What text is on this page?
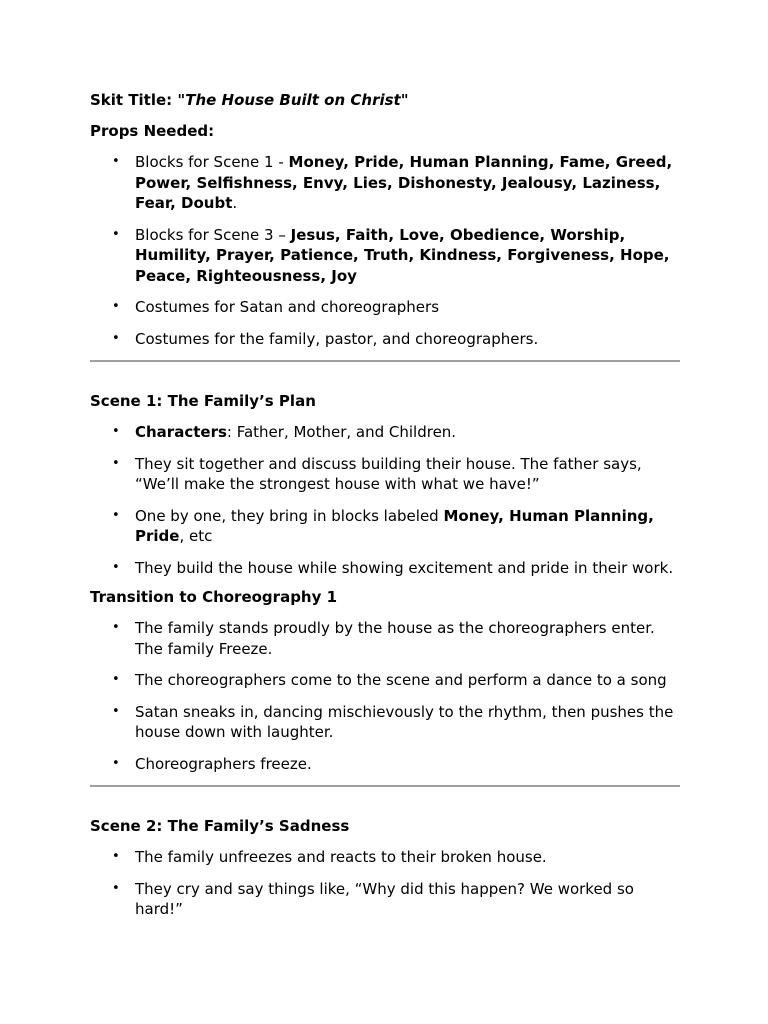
Skit Title: "The House Built on Christ"

Props Needed:

• Blocks for Scene 1 - Money, Pride, Human Planning, Fame, Greed, Power, Selfishness, Envy, Lies, Dishonesty, Jealousy, Laziness, Fear, Doubt.
• Blocks for Scene 3 – Jesus, Faith, Love, Obedience, Worship, Humility, Prayer, Patience, Truth, Kindness, Forgiveness, Hope, Peace, Righteousness, Joy
• Costumes for Satan and choreographers
• Costumes for the family, pastor, and choreographers.

Scene 1: The Family’s Plan

• Characters: Father, Mother, and Children.
• They sit together and discuss building their house. The father says, “We’ll make the strongest house with what we have!”
• One by one, they bring in blocks labeled Money, Human Planning, Pride, etc
• They build the house while showing excitement and pride in their work.

Transition to Choreography 1

• The family stands proudly by the house as the choreographers enter. The family Freeze.
• The choreographers come to the scene and perform a dance to a song
• Satan sneaks in, dancing mischievously to the rhythm, then pushes the house down with laughter.
• Choreographers freeze.

Scene 2: The Family’s Sadness

• The family unfreezes and reacts to their broken house.
• They cry and say things like, “Why did this happen? We worked so hard!”
